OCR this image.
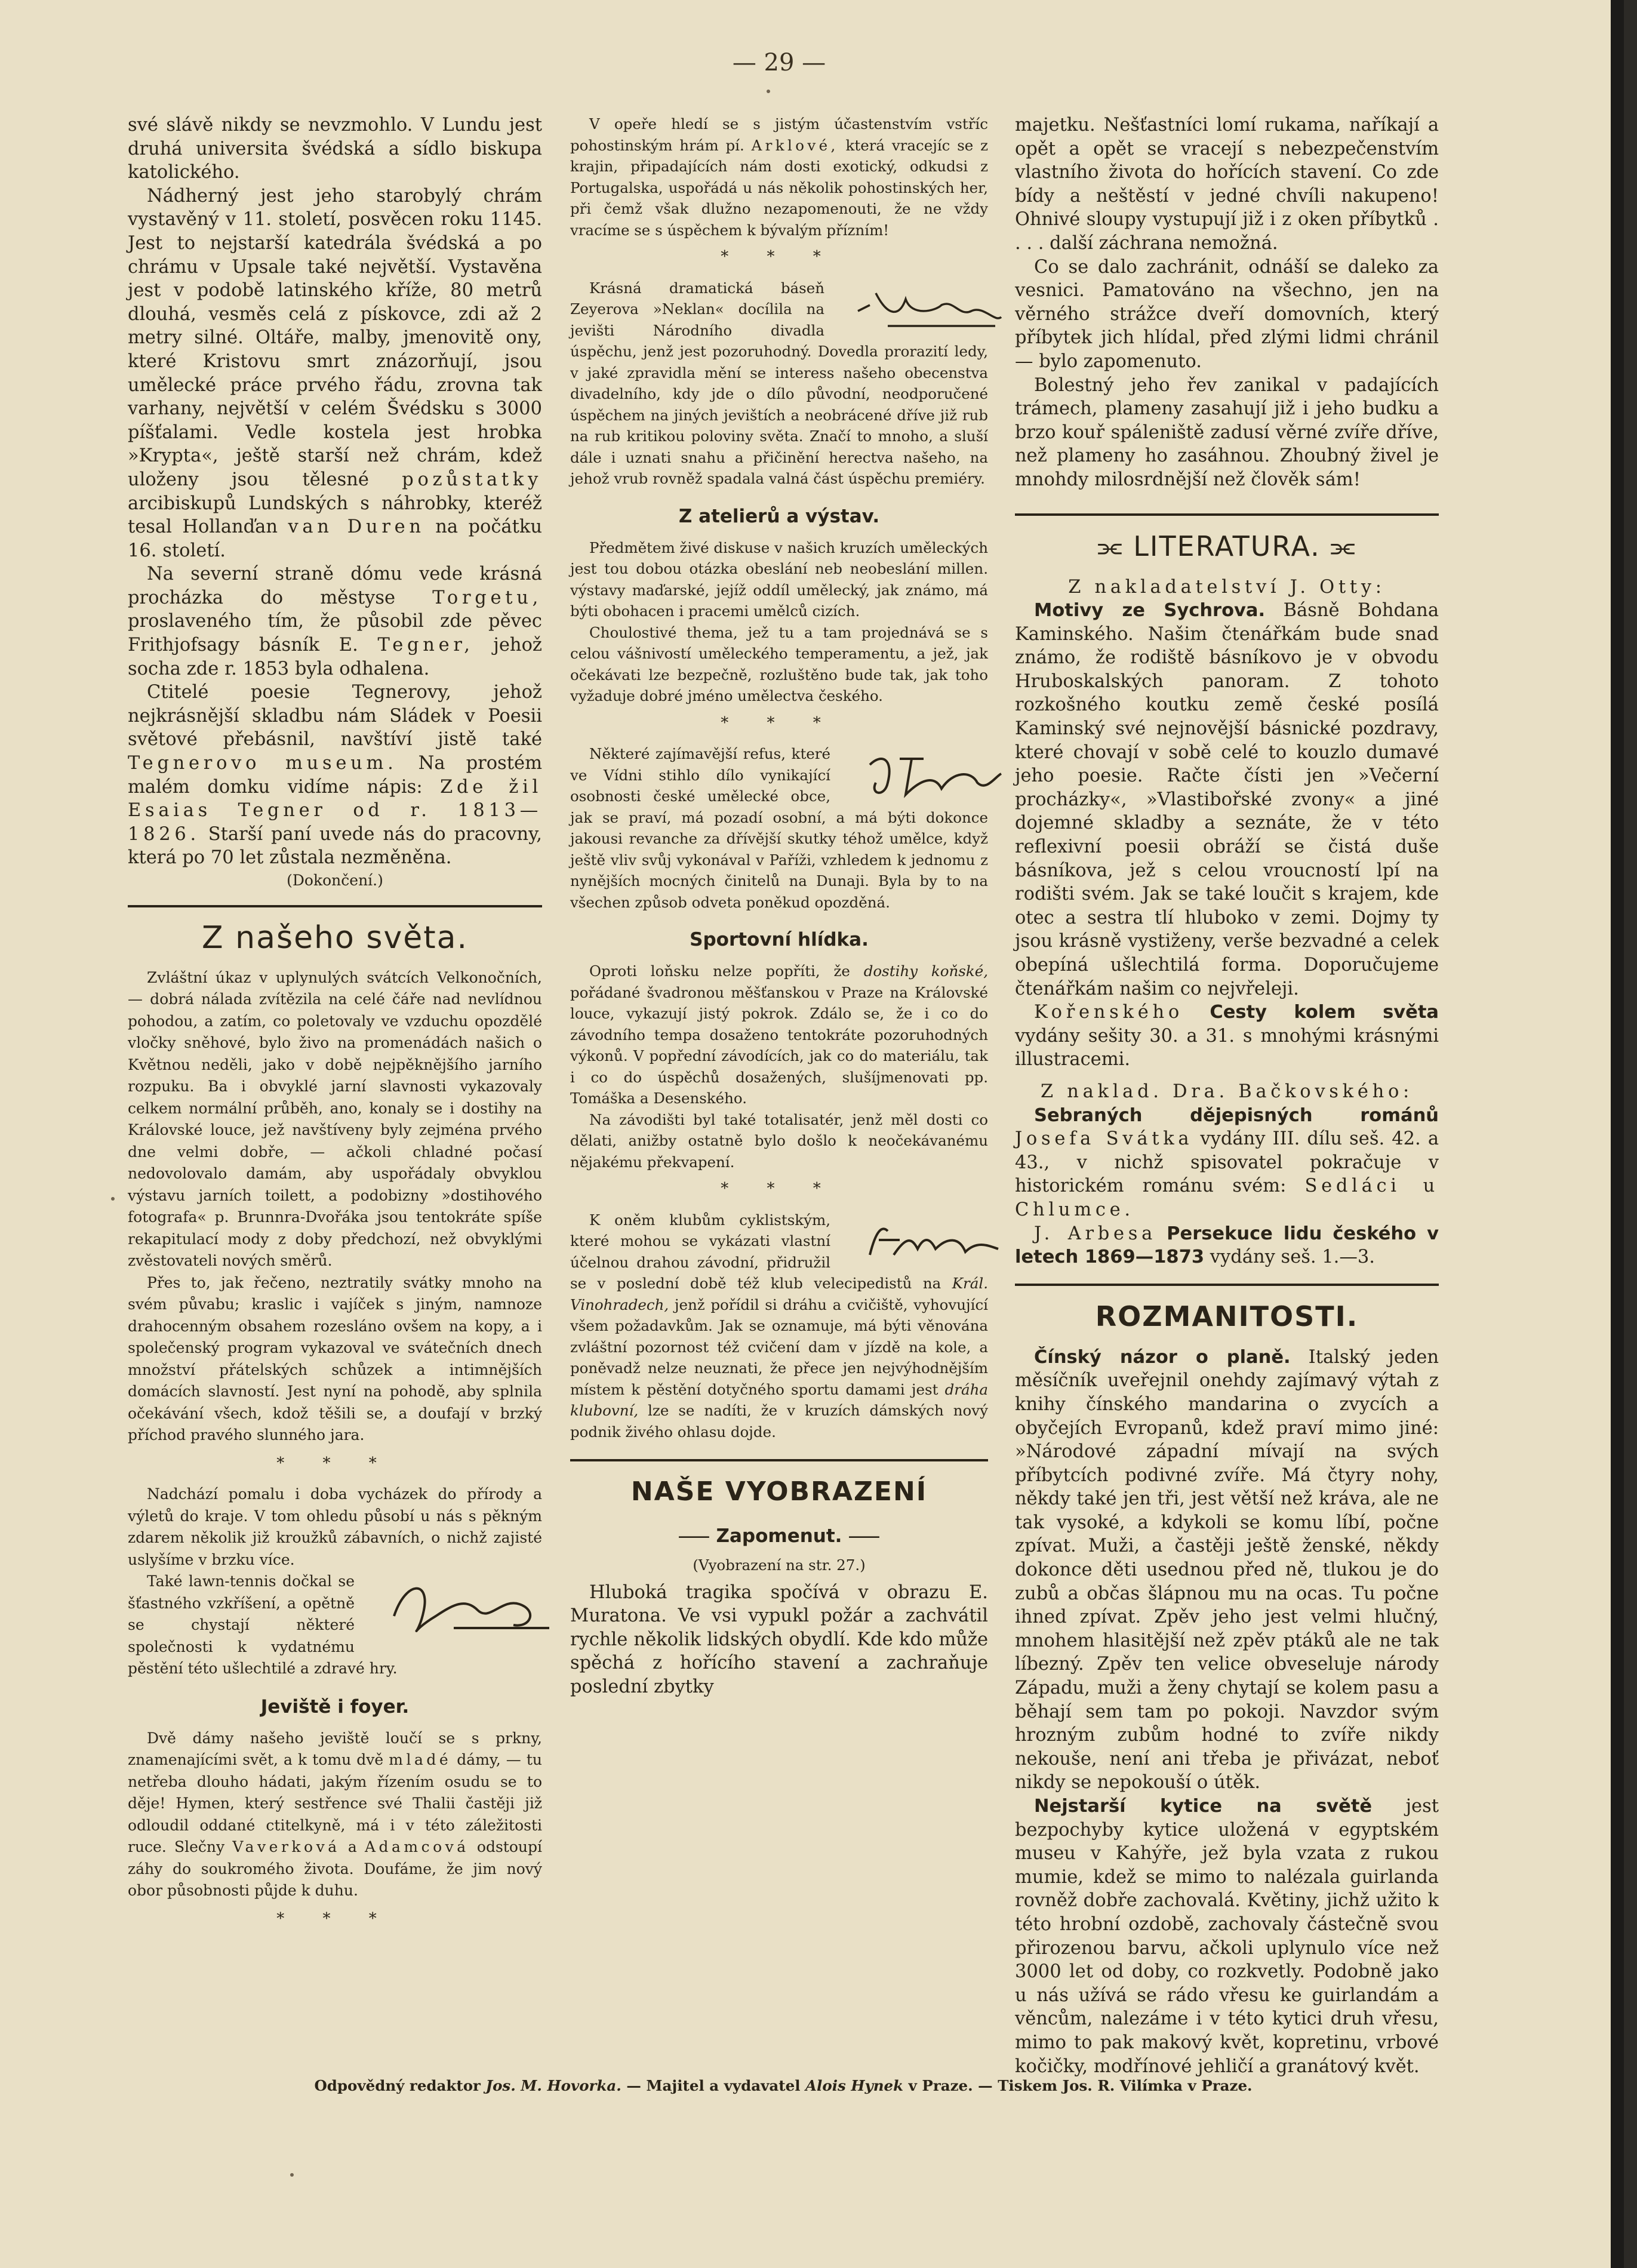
— 29 —

své slávě nikdy se nevzmohlo. V Lundu jest druhá universita švédská a sídlo biskupa katolického.

Nádherný jest jeho starobylý chrám vystavěný v 11. století, posvěcen roku 1145. Jest to nejstarší katedrála švédská a po chrámu v Upsale také největší. Vystavěna jest v podobě latinského kříže, 80 metrů dlouhá, vesměs celá z pískovce, zdi až 2 metry silné. Oltáře, malby, jmenovitě ony, které Kristovu smrt znázorňují, jsou umělecké práce prvého řádu, zrovna tak varhany, největší v celém Švédsku s 3000 píšťalami. Vedle kostela jest hrobka »Krypta«, ještě starší než chrám, kdež uloženy jsou tělesné pozůstatky arcibiskupů Lundských s náhrobky, kteréž tesal Hollanďan van Duren na počátku 16. století.

Na severní straně dómu vede krásná procházka do městyse Torgetu, proslaveného tím, že působil zde pěvec Frithjofsagy básník E. Tegner, jehož socha zde r. 1853 byla odhalena.

Ctitelé poesie Tegnerovy, jehož nejkrásnější skladbu nám Sládek v Poesii světové přebásnil, navštíví jistě také Tegnerovo museum. Na prostém malém domku vidíme nápis: Zde žil Esaias Tegner od r. 1813—1826. Starší paní uvede nás do pracovny, která po 70 let zůstala nezměněna.

(Dokončení.)

Z našeho světa.

Zvláštní úkaz v uplynulých svátcích Velkonočních, — dobrá nálada zvítězila na celé čáře nad nevlídnou pohodou, a zatím, co poletovaly ve vzduchu opozdělé vločky sněhové, bylo živo na promenádách našich o Květnou neděli, jako v době nejpěknějšího jarního rozpuku. Ba i obvyklé jarní slavnosti vykazovaly celkem normální průběh, ano, konaly se i dostihy na Královské louce, jež navštíveny byly zejména prvého dne velmi dobře, — ačkoli chladné počasí nedovolovalo damám, aby uspořádaly obvyklou výstavu jarních toilett, a podobizny »dostihového fotografa« p. Brunnra-Dvořáka jsou tentokráte spíše rekapitulací mody z doby předchozí, než obvyklými zvěstovateli nových směrů.

Přes to, jak řečeno, neztratily svátky mnoho na svém půvabu; kraslic i vajíček s jiným, namnoze drahocenným obsahem rozesláno ovšem na kopy, a i společenský program vykazoval ve svátečních dnech množství přátelských schůzek a intimnějších domácích slavností. Jest nyní na pohodě, aby splnila očekávání všech, kdož těšili se, a doufají v brzký příchod pravého slunného jara.

* * *

Nadchází pomalu i doba vycházek do přírody a výletů do kraje. V tom ohledu působí u nás s pěkným zdarem několik již kroužků zábavních, o nichž zajisté uslyšíme v brzku více.

Také lawn-tennis dočkal se šťastného vzkříšení, a opětně se chystají některé společnosti k vydatnému pěstění této ušlechtilé a zdravé hry.

Jeviště i foyer.

Dvě dámy našeho jeviště loučí se s prkny, znamenajícími svět, a k tomu dvě mladé dámy, — tu netřeba dlouho hádati, jakým řízením osudu se to děje! Hymen, který sestřence své Thalii častěji již odloudil oddané ctitelkyně, má i v této záležitosti ruce. Slečny Vaverková a Adamcová odstoupí záhy do soukromého života. Doufáme, že jim nový obor působnosti půjde k duhu.

* * *

V opeře hledí se s jistým účastenstvím vstříc pohostinským hrám pí. Arklové, která vracejíc se z krajin, připadajících nám dosti exotický, odkudsi z Portugalska, uspořádá u nás několik pohostinských her, při čemž však dlužno nezapomenouti, že ne vždy vracíme se s úspěchem k bývalým přízním!

* * *

Krásná dramatická báseň Zeyerova »Neklan« docílila na jevišti Národního divadla úspěchu, jenž jest pozoruhodný. Dovedla prorazití ledy, v jaké zpravidla mění se interess našeho obecenstva divadelního, kdy jde o dílo původní, neodporučené úspěchem na jiných jevištích a neobrácené dříve již rub na rub kritikou poloviny světa. Značí to mnoho, a sluší dále i uznati snahu a přičinění herectva našeho, na jehož vrub rovněž spadala valná část úspěchu premiéry.

Z atelierů a výstav.

Předmětem živé diskuse v našich kruzích uměleckých jest tou dobou otázka obeslání neb neobeslání millen. výstavy maďarské, jejíž oddíl umělecký, jak známo, má býti obohacen i pracemi umělců cizích.

Choulostivé thema, jež tu a tam projednává se s celou vášnivostí uměleckého temperamentu, a jež, jak očekávati lze bezpečně, rozluštěno bude tak, jak toho vyžaduje dobré jméno umělectva českého.

* * *

Některé zajímavější refus, které ve Vídni stihlo dílo vynikající osobnosti české umělecké obce, jak se praví, má pozadí osobní, a má býti dokonce jakousi revanche za dřívější skutky téhož umělce, když ještě vliv svůj vykonával v Paříži, vzhledem k jednomu z nynějších mocných činitelů na Dunaji. Byla by to na všechen způsob odveta poněkud opozděná.

Sportovní hlídka.

Oproti loňsku nelze popříti, že dostihy koňské, pořádané švadronou měšťanskou v Praze na Královské louce, vykazují jistý pokrok. Zdálo se, že i co do závodního tempa dosaženo tentokráte pozoruhodných výkonů. V popřední závodících, jak co do materiálu, tak i co do úspěchů dosažených, slušíjmenovati pp. Tomáška a Desenského.

Na závodišti byl také totalisatér, jenž měl dosti co dělati, anižby ostatně bylo došlo k neočekávanému nějakému překvapení.

* * *

K oněm klubům cyklistským, které mohou se vykázati vlastní účelnou drahou závodní, přidružil se v poslední době též klub velecipedistů na Král. Vinohradech, jenž pořídil si dráhu a cvičiště, vyhovující všem požadavkům. Jak se oznamuje, má býti věnována zvláštní pozornost též cvičení dam v jízdě na kole, a poněvadž nelze neuznati, že přece jen nejvýhodnějším místem k pěstění dotyčného sportu damami jest dráha klubovní, lze se nadíti, že v kruzích dámských nový podnik živého ohlasu dojde.

NAŠE VYOBRAZENÍ
⸺ Zapomenut. ⸺

(Vyobrazení na str. 27.)

Hluboká tragika spočívá v obrazu E. Muratona. Ve vsi vypukl požár a zachvátil rychle několik lidských obydlí. Kde kdo může spěchá z hořícího stavení a zachraňuje poslední zbytky

majetku. Nešťastníci lomí rukama, naříkají a opět a opět se vracejí s nebezpečenstvím vlastního života do hořících stavení. Co zde bídy a neštěstí v jedné chvíli nakupeno! Ohnivé sloupy vystupují již i z oken příbytků . . . . další záchrana nemožná.

Co se dalo zachránit, odnáší se daleko za vesnici. Pamatováno na všechno, jen na věrného strážce dveří domovních, který příbytek jich hlídal, před zlými lidmi chránil — bylo zapomenuto.

Bolestný jeho řev zanikal v padajících trámech, plameny zasahují již i jeho budku a brzo kouř spáleniště zadusí věrné zvíře dříve, než plameny ho zasáhnou. Zhoubný živel je mnohdy milosrdnější než člověk sám!

⫘ LITERATURA. ⫘

Z nakladatelství J. Otty:

Motivy ze Sychrova. Básně Bohdana Kaminského. Našim čtenářkám bude snad známo, že rodiště básníkovo je v obvodu Hruboskalských panoram. Z tohoto rozkošného koutku země české posílá Kaminský své nejnovější básnické pozdravy, které chovají v sobě celé to kouzlo dumavé jeho poesie. Račte čísti jen »Večerní procházky«, »Vlastibořské zvony« a jiné dojemné skladby a seznáte, že v této reflexivní poesii obráží se čistá duše básníkova, jež s celou vroucností lpí na rodišti svém. Jak se také loučit s krajem, kde otec a sestra tlí hluboko v zemi. Dojmy ty jsou krásně vystiženy, verše bezvadné a celek obepíná ušlechtilá forma. Doporučujeme čtenářkám našim co nejvřeleji.

Kořenského Cesty kolem světa vydány sešity 30. a 31. s mnohými krásnými illustracemi.

Z naklad. Dra. Bačkovského:

Sebraných dějepisných románů Josefa Svátka vydány III. dílu seš. 42. a 43., v nichž spisovatel pokračuje v historickém románu svém: Sedláci u Chlumce.

J. Arbesa Persekuce lidu českého v letech 1869—1873 vydány seš. 1.—3.

ROZMANITOSTI.

Čínský názor o planě. Italský jeden měsíčník uveřejnil onehdy zajímavý výtah z knihy čínského mandarina o zvycích a obyčejích Evropanů, kdež praví mimo jiné: »Národové západní mívají na svých příbytcích podivné zvíře. Má čtyry nohy, někdy také jen tři, jest větší než kráva, ale ne tak vysoké, a kdykoli se komu líbí, počne zpívat. Muži, a častěji ještě ženské, někdy dokonce děti usednou před ně, tlukou je do zubů a občas šlápnou mu na ocas. Tu počne ihned zpívat. Zpěv jeho jest velmi hlučný, mnohem hlasitější než zpěv ptáků ale ne tak líbezný. Zpěv ten velice obveseluje národy Západu, muži a ženy chytají se kolem pasu a běhají sem tam po pokoji. Navzdor svým hrozným zubům hodné to zvíře nikdy nekouše, není ani třeba je přivázat, neboť nikdy se nepokouší o útěk.

Nejstarší kytice na světě jest bezpochyby kytice uložená v egyptském museu v Kahýře, jež byla vzata z rukou mumie, kdež se mimo to nalézala guirlanda rovněž dobře zachovalá. Květiny, jichž užito k této hrobní ozdobě, zachovaly částečně svou přirozenou barvu, ačkoli uplynulo více než 3000 let od doby, co rozkvetly. Podobně jako u nás užívá se rádo vřesu ke guirlandám a věncům, nalezáme i v této kytici druh vřesu, mimo to pak makový květ, kopretinu, vrbové kočičky, modřínové jehličí a granátový květ.

Odpovědný redaktor Jos. M. Hovorka. — Majitel a vydavatel Alois Hynek v Praze. — Tiskem Jos. R. Vilímka v Praze.
